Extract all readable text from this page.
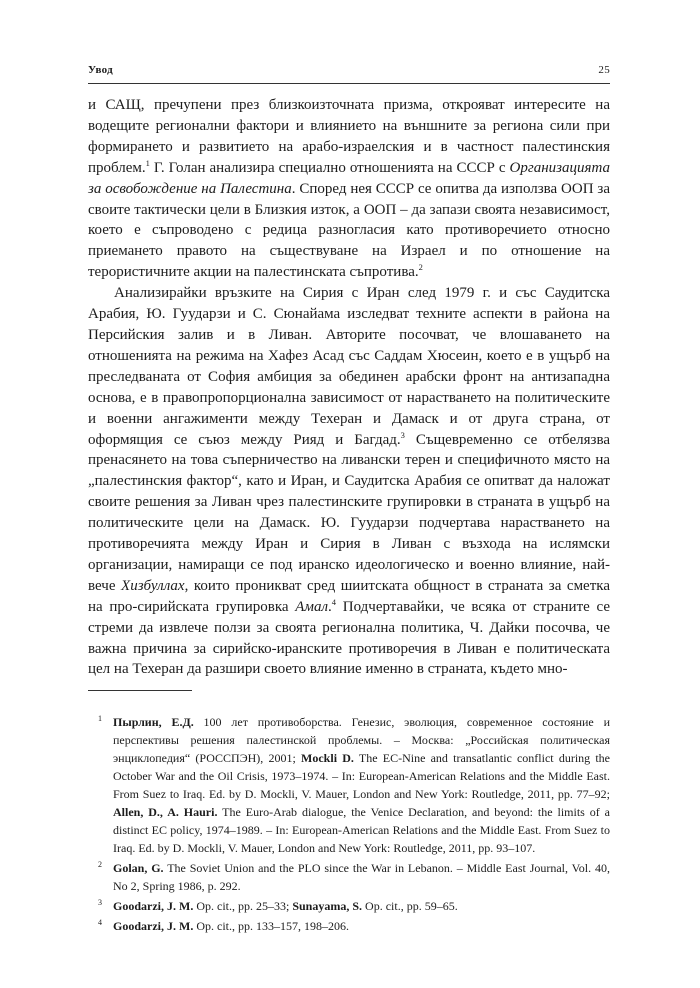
Увод	25

и САЩ, пречупени през близкоизточната призма, открояват интересите на водещите регионални фактори и влиянието на външните за региона сили при формирането и развитието на арабо-израелския и в частност палестинския проблем.$^1$ Г. Голан анализира специално отношенията на СССР с Организацията за освобождение на Палестина. Според нея СССР се опитва да използва ООП за своите тактически цели в Близкия изток, а ООП – да запази своята независимост, което е съпроводено с редица разногласия като противоречието относно приемането правото на съществуване на Израел и по отношение на терористичните акции на палестинската съпротива.$^2$

Анализирайки връзките на Сирия с Иран след 1979 г. и със Саудитска Арабия, Ю. Гуударзи и С. Сюнайама изследват техните аспекти в района на Персийския залив и в Ливан. Авторите посочват, че влошаването на отношенията на режима на Хафез Асад със Саддам Хюсеин, което е в ущърб на преследваната от София амбиция за обединен арабски фронт на антизападна основа, е в правопропорционална зависимост от нарастването на политическите и военни ангажименти между Техеран и Дамаск и от друга страна, от оформящия се съюз между Рияд и Багдад.$^3$ Същевременно се отбелязва пренасянето на това съперничество на ливански терен и специфичното място на „палестинския фактор“, като и Иран, и Саудитска Арабия се опитват да наложат своите решения за Ливан чрез палестинските групировки в страната в ущърб на политическите цели на Дамаск. Ю. Гуударзи подчертава нарастването на противоречията между Иран и Сирия в Ливан с възхода на ислямски организации, намиращи се под иранско идеологическо и военно влияние, най-вече Хизбуллах, които проникват сред шиитската общност в страната за сметка на про-сирийската групировка Амал.$^4$ Подчертавайки, че всяка от страните се стреми да извлече ползи за своята регионална политика, Ч. Дайки посочва, че важна причина за сирийско-иранските противоречия в Ливан е политическата цел на Техеран да разшири своето влияние именно в страната, където мно-

1 Пырлин, Е.Д. 100 лет противоборства. Генезис, эволюция, современное состояние и перспективы решения палестинской проблемы. – Москва: „Российская политическая энциклопедия“ (РОССПЭН), 2001; Mockli D. The EC-Nine and transatlantic conflict during the October War and the Oil Crisis, 1973–1974. – In: European-American Relations and the Middle East. From Suez to Iraq. Ed. by D. Mockli, V. Mauer, London and New York: Routledge, 2011, pp. 77–92; Allen, D., A. Hauri. The Euro-Arab dialogue, the Venice Declaration, and beyond: the limits of a distinct EC policy, 1974–1989. – In: European-American Relations and the Middle East. From Suez to Iraq. Ed. by D. Mockli, V. Mauer, London and New York: Routledge, 2011, pp. 93–107.
2 Golan, G. The Soviet Union and the PLO since the War in Lebanon. – Middle East Journal, Vol. 40, No 2, Spring 1986, p. 292.
3 Goodarzi, J. M. Op. cit., pp. 25–33; Sunayama, S. Op. cit., pp. 59–65.
4 Goodarzi, J. M. Op. cit., pp. 133–157, 198–206.
